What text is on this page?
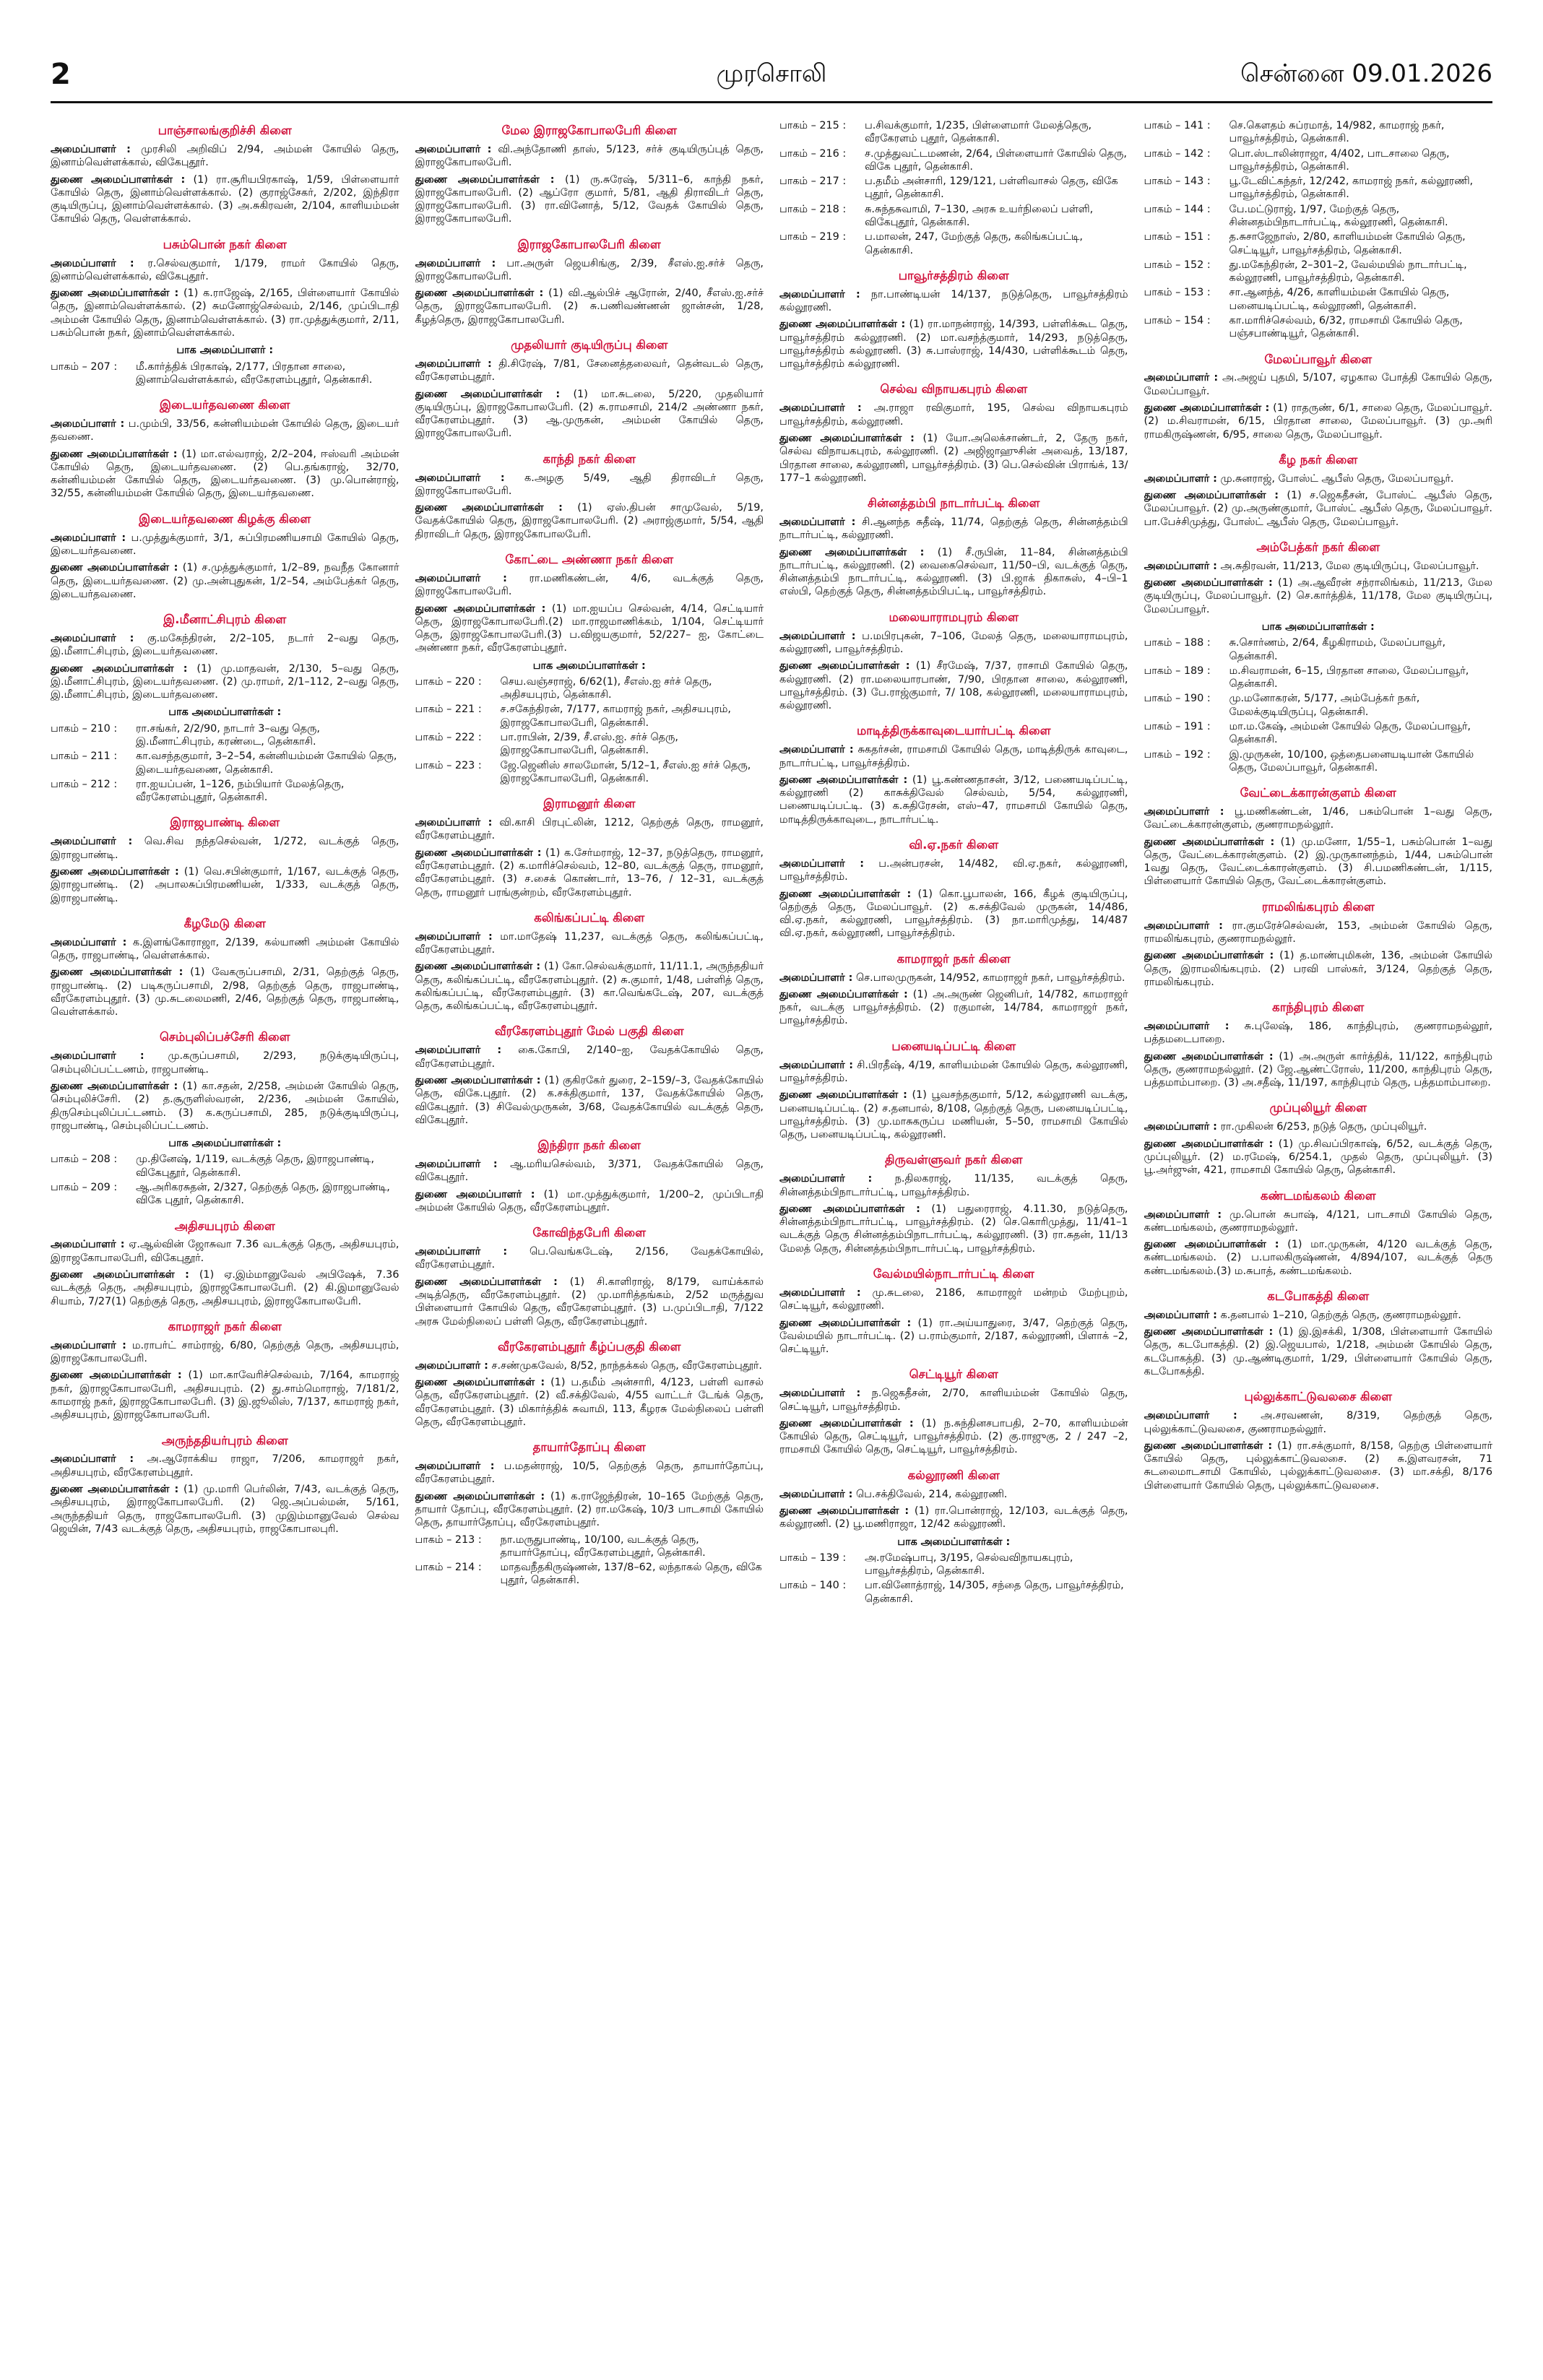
2	முரசொலி	சென்னை 09.01.2026
பாஞ்சாலங்குறிச்சி கிளை
அமைப்பாளர் : முரசிலி அறிவிப் 2/94, அம்மன் கோயில் தெரு, இனாம்வெள்ளக்கால், விகேபுதூர்.
துணை அமைப்பாளர்கள் : (1) ரா.சூரியபிரகாஷ், 1/59, பிள்ளையார் கோயில் தெரு, இனாம்வெள்ளக்கால். (2) குராஜ்சேகர், 2/202, இந்திரா குடியிருப்பு, இனாம்வெள்ளக்கால். (3) அ.சுகிரவன், 2/104, காளியம்மன் கோயில் தெரு, வெள்ளக்கால்.
பசும்பொன் நகர் கிளை
அமைப்பாளர் : ர.செல்வகுமார், 1/179, ராமர் கோயில் தெரு, இனாம்வெள்ளக்கால், விகேபுதூர்.
துணை அமைப்பாளர்கள் : (1) க.ராஜேஷ், 2/165, பிள்ளையார் கோயில் தெரு, இனாம்வெள்ளக்கால். (2) சுமனோஜ்செல்வம், 2/146, முப்பிடாதி அம்மன் கோயில் தெரு, இனாம்வெள்ளக்கால். (3) ரா.முத்துக்குமார், 2/11, பசும்பொன் நகர், இனாம்வெள்ளக்கால்.
பாக அமைப்பாளர் :
பாகம் – 207 :	மீ.கார்த்திக் பிரகாஷ், 2/177, பிரதான சாலை, இனாம்வெள்ளக்கால், வீரகேரளம்புதூர், தென்காசி.
இடையர்தவணை கிளை
அமைப்பாளர் : ப.மும்பி, 33/56, கன்னியம்மன் கோயில் தெரு, இடையர் தவணை.
துணை அமைப்பாளர்கள் : (1) மா.எல்வராஜ், 2/2–204, ஈஸ்வரி அம்மன் கோயில் தெரு, இடையர்தவணை. (2) பெ.தங்கராஜ், 32/70, கன்னியம்மன் கோயில் தெரு, இடையர்தவணை. (3) மு.பொன்ராஜ், 32/55, கன்னியம்மன் கோயில் தெரு, இடையர்தவணை.
இடையர்தவணை கிழக்கு கிளை
அமைப்பாளர் : ப.முத்துக்குமார், 3/1, சுப்பிரமணியசாமி கோயில் தெரு, இடையர்தவணை.
துணை அமைப்பாளர்கள் : (1) ச.முத்துக்குமார், 1/2–89, நவநீத கோனார் தெரு, இடையர்தவணை. (2) மு.அன்புதுகன், 1/2–54, அம்பேத்கர் தெரு, இடையர்தவணை.
இ.மீனாட்சிபுரம் கிளை
அமைப்பாளர் : கு.மகேந்திரன், 2/2–105, நடார் 2–வது தெரு, இ.மீனாட்சிபுரம், இடையர்தவணை.
துணை அமைப்பாளர்கள் : (1) மு.மாதவன், 2/130, 5–வது தெரு, இ.மீனாட்சிபுரம், இடையர்தவணை. (2) மு.ராமர், 2/1–112, 2–வது தெரு, இ.மீனாட்சிபுரம், இடையர்தவணை.
பாக அமைப்பாளர்கள் :
பாகம் – 210 :	ரா.சங்கர், 2/2/90, நாடார் 3–வது தெரு, இ.மீனாட்சிபுரம், கரண்டை, தென்காசி.
பாகம் – 211 :	கா.வசந்தகுமார், 3–2–54, கன்னியம்மன் கோயில் தெரு, இடையர்தவணை, தென்காசி.
பாகம் – 212 :	ரா.ஐயப்பன், 1–126, நம்பியார் மேலத்தெரு, வீரகேரளம்புதூர், தென்காசி.
இராஜபாண்டி கிளை
அமைப்பாளர் : வெ.சிவ நந்தசெல்வன், 1/272, வடக்குத் தெரு, இராஜபாண்டி.
துணை அமைப்பாளர்கள் : (1) வெ.சபின்குமார், 1/167, வடக்குத் தெரு, இராஜபாண்டி. (2) அபாலசுப்பிரமணியன், 1/333, வடக்குத் தெரு, இராஜபாண்டி.
கீழமேடு கிளை
அமைப்பாளர் : க.இளங்கோராஜா, 2/139, கல்யாணி அம்மன் கோயில் தெரு, ராஜபாண்டி, வெள்ளக்கால்.
துணை அமைப்பாளர்கள் : (1) வேகருப்பசாமி, 2/31, தெற்குத் தெரு, ராஜபாண்டி. (2) படிகருப்பசாமி, 2/98, தெற்குத் தெரு, ராஜபாண்டி, வீரகேரளம்புதூர். (3) மு.சுடலைமணி, 2/46, தெற்குத் தெரு, ராஜபாண்டி, வெள்ளக்கால்.
செம்புலிப்பச்சேரி கிளை
அமைப்பாளர் : மு.கருப்பசாமி, 2/293, நடுக்குடியிருப்பு, செம்புலிப்பட்டணம், ராஜபாண்டி.
துணை அமைப்பாளர்கள் : (1) கா.சதன், 2/258, அம்மன் கோயில் தெரு, செம்புலிச்சேரி. (2) த.சூருளிஸ்வரன், 2/236, அம்மன் கோயில், திருசெம்புலிப்பட்டணம். (3) க.கருப்பசாமி, 285, நடுக்குடியிருப்பு, ராஜபாண்டி, செம்புலிப்பட்டணம்.
பாக அமைப்பாளர்கள் :
பாகம் – 208 :	மு.தினேஷ், 1/119, வடக்குத் தெரு, இராஜபாண்டி, விகேபுதூர், தென்காசி.
பாகம் – 209 :	ஆ.அரிகரசுதன், 2/327, தெற்குத் தெரு, இராஜபாண்டி, விகே புதூர், தென்காசி.
அதிசயபுரம் கிளை
அமைப்பாளர் : ஏ.ஆல்வின் ஜோசுவா 7.36 வடக்குத் தெரு, அதிசயபுரம், இராஜகோபாலபேரி, விகேபுதூர்.
துணை அமைப்பாளர்கள் : (1) ஏ.இம்மானுவேல் அபிஷேக், 7.36 வடக்குத் தெரு, அதிசயபுரம், இராஜகோபாலபேரி. (2) கி.இமானுவேல் சியாம், 7/27(1) தெற்குத் தெரு, அதிசயபுரம், இராஜகோபாலபேரி.
காமராஜர் நகர் கிளை
அமைப்பாளர் : ம.ராபர்ட் சாம்ராஜ், 6/80, தெற்குத் தெரு, அதிசயபுரம், இராஜகோபாலபேரி.
துணை அமைப்பாளர்கள் : (1) மா.காவேரிச்செல்வம், 7/164, காமராஜ் நகர், இராஜகோபாலபேரி, அதிசயபுரம். (2) து.சாம்மொராஜ், 7/181/2, காமராஜ் நகர், இராஜகோபாலபேரி. (3) இ.ஜூலிஸ், 7/137, காமராஜ் நகர், அதிசயபுரம், இராஜகோபாலபேரி.
அருந்ததியர்புரம் கிளை
அமைப்பாளர் : அ.ஆரோக்கிய ராஜா, 7/206, காமராஜர் நகர், அதிசயபுரம், வீரகேரளம்புதூர்.
துணை அமைப்பாளர்கள் : (1) மு.மாரி பெர்லின், 7/43, வடக்குத் தெரு, அதிசயபுரம், இராஜகோபாலபேரி. (2) ஜெ.அப்பல்மன், 5/161, அருந்ததியர் தெரு, ராஜகோபாலபேரி. (3) முஇம்மானுவேல் செல்வ ஜெயின், 7/43 வடக்குத் தெரு, அதிசயபுரம், ராஜகோபாலபுரி.
மேல இராஜகோபாலபேரி கிளை
அமைப்பாளர் : வி.அந்தோணி தாஸ், 5/123, சர்ச் குடியிருப்புத் தெரு, இராஜகோபாலபேரி.
துணை அமைப்பாளர்கள் : (1) ரு.சுரேஷ், 5/311–6, காந்தி நகர், இராஜகோபாலபேரி. (2) ஆப்ரோ குமார், 5/81, ஆதி திராவிடர் தெரு, இராஜகோபாலபேரி. (3) ரா.வினோத், 5/12, வேதக் கோயில் தெரு, இராஜகோபாலபேரி.
இராஜகோபாலபேரி கிளை
அமைப்பாளர் : பா.அருள் ஜெயசிங்கு, 2/39, சீஎஸ்.ஐ.சர்ச் தெரு, இராஜகோபாலபேரி.
துணை அமைப்பாளர்கள் : (1) வி.ஆல்பிச் ஆரோன், 2/40, சீஎஸ்.ஐ.சர்ச் தெரு, இராஜகோபாலபேரி. (2) சு.பணிவண்ணன் ஜான்சன், 1/28, கீழத்தெரு, இராஜகோபாலபேரி.
முதலியார் குடியிருப்பு கிளை
அமைப்பாளர் : தி.சிரேஷ், 7/81, சேனைத்தலைவர், தென்வடல் தெரு, வீரகேரளம்புதூர்.
துணை அமைப்பாளர்கள் : (1) மா.சுடலை, 5/220, முதலியார் குடியிருப்பு, இராஜகோபாலபேரி. (2) சு.ராமசாமி, 214/2 அண்ணா நகர், வீரகேரளம்புதூர். (3) ஆ.முருகன், அம்மன் கோயில் தெரு, இராஜகோபாலபேரி.
காந்தி நகர் கிளை
அமைப்பாளர் : க.அழகு 5/49, ஆதி திராவிடர் தெரு, இராஜகோபாலபேரி.
துணை அமைப்பாளர்கள் : (1) ஏஸ்.திபன் சாமுவேல், 5/19, வேதக்கோயில் தெரு, இராஜகோபாலபேரி. (2) அராஜ்குமார், 5/54, ஆதி திராவிடர் தெரு, இராஜகோபாலபேரி.
கோட்டை அண்ணா நகர் கிளை
அமைப்பாளர் : ரா.மணிகண்டன், 4/6, வடக்குத் தெரு, இராஜகோபாலபேரி.
துணை அமைப்பாளர்கள் : (1) மா.ஐயப்ப செல்வன், 4/14, செட்டியார் தெரு, இராஜகோபாலபேரி.(2) மா.ராஜமாணிக்கம், 1/104, செட்டியார் தெரு, இராஜகோபாலபேரி.(3) ப.விஜயகுமார், 52/227– ஐ, கோட்டை அண்ணா நகர், வீரகேரளம்புதூர்.
பாக அமைப்பாளர்கள் :
பாகம் – 220 :	செய.வஞ்சராஜ், 6/62(1), சீஎஸ்.ஐ சர்ச் தெரு, அதிசயபுரம், தென்காசி.
பாகம் – 221 :	ச.சகேந்திரன், 7/177, காமராஜ் நகர், அதிசயபுரம், இராஜகோபாலபேரி, தென்காசி.
பாகம் – 222 :	பா.ராபின், 2/39, சீ.எஸ்.ஐ. சர்ச் தெரு, இராஜகோபாலபேரி, தென்காசி.
பாகம் – 223 :	ஜே.ஜெனிஸ் சாலமோன், 5/12–1, சீஎஸ்.ஐ சர்ச் தெரு, இராஜகோபாலபேரி, தென்காசி.
இராமனூர் கிளை
அமைப்பாளர் : வி.காசி பிரபுட்லின், 1212, தெற்குத் தெரு, ராமனூர், வீரகேரளம்புதூர்.
துணை அமைப்பாளர்கள் : (1) க.சேர்மராஜ், 12–37, நடுத்தெரு, ராமனூர், வீரகேரளம்புதூர். (2) க.மாரிச்செல்வம், 12–80, வடக்குத் தெரு, ராமனூர், வீரகேரளம்புதூர். (3) ச.சைக் கொண்டார், 13–76, / 12–31, வடக்குத் தெரு, ராமனூர் பரங்குன்றம், வீரகேரளம்புதூர்.
கலிங்கப்பட்டி கிளை
அமைப்பாளர் : மா.மாதேஷ் 11,237, வடக்குத் தெரு, கலிங்கப்பட்டி, வீரகேரளம்புதூர்.
துணை அமைப்பாளர்கள் : (1) கோ.செல்வக்குமார், 11/11.1, அருந்ததியர் தெரு, கலிங்கப்பட்டி, வீரகேரளம்புதூர். (2) சு.குமார், 1/48, பள்ளித் தெரு, கலிங்கப்பட்டி, வீரகேரளம்புதூர். (3) கா.வெங்கடேஷ், 207, வடக்குத் தெரு, கலிங்கப்பட்டி, வீரகேரளம்புதூர்.
வீரகேரளம்புதூர் மேல் பகுதி கிளை
அமைப்பாளர் : கை.கோபி, 2/140–ஐ, வேதக்கோயில் தெரு, வீரகேரளம்புதூர்.
துணை அமைப்பாளர்கள் : (1) குகிரகேர் துரை, 2–159/–3, வேதக்கோயில் தெரு, விகே.புதூர். (2) க.சக்திகுமார், 137, வேதக்கோயில் தெரு, விகேபுதூர். (3) சிவேல்முருகன், 3/68, வேதக்கோயில் வடக்குத் தெரு, விகேபுதூர்.
இந்திரா நகர் கிளை
அமைப்பாளர் : ஆ.மரியசெல்வம், 3/371, வேதக்கோயில் தெரு, விகேபுதூர்.
துணை அமைப்பாளர் : (1) மா.முத்துக்குமார், 1/200–2, முப்பிடாதி அம்மன் கோயில் தெரு, வீரகேரளம்புதூர்.
கோவிந்தபேரி கிளை
அமைப்பாளர் : பெ.வெங்கடேஷ், 2/156, வேதக்கோயில், வீரகேரளம்புதூர்.
துணை அமைப்பாளர்கள் : (1) சி.காளிராஜ், 8/179, வாய்க்கால் அடித்தெரு, வீரகேரளம்புதூர். (2) மு.மாரித்தங்கம், 2/52 மருத்துவ பிள்ளையார் கோயில் தெரு, வீரகேரளம்புதூர். (3) ப.முப்பிடாதி, 7/122 அரசு மேல்நிலைப் பள்ளி தெரு, வீரகேரளம்புதூர்.
வீரகேரளம்புதூர் கீழ்ப்பகுதி கிளை
அமைப்பாளர் : ச.சண்முகவேல், 8/52, நாந்தக்கல் தெரு, வீரகேரளம்புதூர்.
துணை அமைப்பாளர்கள் : (1) ப.தமீம் அன்சாரி, 4/123, பள்ளி வாசல் தெரு, வீரகேரளம்புதூர். (2) வீ.சக்திவேல், 4/55 வாட்டர் டேங்க் தெரு, வீரகேரளம்புதூர். (3) மிகார்த்திக் சுவாமி, 113, கீழரசு மேல்நிலைப் பள்ளி தெரு, வீரகேரளம்புதூர்.
தாயார்தோப்பு கிளை
அமைப்பாளர் : ப.மதன்ராஜ், 10/5, தெற்குத் தெரு, தாயார்தோப்பு, வீரகேரளம்புதூர்.
துணை அமைப்பாளர்கள் : (1) க.ராஜேந்திரன், 10–165 மேற்குத் தெரு, தாயார் தோப்பு, வீரகேரளம்புதூர். (2) ரா.மகேஷ், 10/3 பாடசாமி கோயில் தெரு, தாயார்தோப்பு, வீரகேரளம்புதூர்.
பாகம் – 213 :	நா.மருதுபாண்டி, 10/100, வடக்குத் தெரு, தாயார்தோப்பு, வீரகேரளம்புதூர், தென்காசி.
பாகம் – 214 :	மாதவநீதகிருஷ்ணன், 137/8–62, லந்தாகல் தெரு, விகே புதூர், தென்காசி.
பாகம் – 215 :	ப.சிவக்குமார், 1/235, பிள்ளைமார் மேலத்தெரு, வீரகேரளம் புதூர், தென்காசி.
பாகம் – 216 :	ச.முத்துவட்டமணன், 2/64, பிள்ளையார் கோயில் தெரு, விகே புதூர், தென்காசி.
பாகம் – 217 :	ப.தமீம் அன்சாரி, 129/121, பள்ளிவாசல் தெரு, விகே புதூர், தென்காசி.
பாகம் – 218 :	சு.சுந்தசுவாமி, 7–130, அரசு உயர்நிலைப் பள்ளி, விகேபுதூர், தென்காசி.
பாகம் – 219 :	ப.மாலன், 247, மேற்குத் தெரு, கலிங்கப்பட்டி, தென்காசி.
பாவூர்சத்திரம் கிளை
அமைப்பாளர் : நா.பாண்டியன் 14/137, நடுத்தெரு, பாவூர்சத்திரம் கல்லூரணி.
துணை அமைப்பாளர்கள் : (1) ரா.மாநன்ராஜ், 14/393, பள்ளிக்கூட தெரு, பாவூர்சத்திரம் கல்லூரணி. (2) மா.வசந்த்குமார், 14/293, நடுத்தெரு, பாவூர்சத்திரம் கல்லூரணி. (3) சு.பாஸ்ராஜ், 14/430, பள்ளிக்கூடம் தெரு, பாவூர்சத்திரம் கல்லூரணி.
செல்வ விநாயகபுரம் கிளை
அமைப்பாளர் : அ.ராஜா ரவிகுமார், 195, செல்வ விநாயகபுரம் பாவூர்சத்திரம், கல்லூரணி.
துணை அமைப்பாளர்கள் : (1) யோ.அலெக்சாண்டர், 2, தேரு நகர், செல்வ விநாயகபுரம், கல்லூரணி. (2) அஜிஜாஹுசின் அவைத், 13/187, பிரதான சாலை, கல்லூரணி, பாவூர்சத்திரம். (3) பெ.செல்வின் பிராங்க், 13/ 177–1 கல்லூரணி.
சின்னத்தம்பி நாடார்பட்டி கிளை
அமைப்பாளர் : சி.ஆனந்த சுதீஷ், 11/74, தெற்குத் தெரு, சின்னத்தம்பி நாடார்பட்டி, கல்லூரணி.
துணை அமைப்பாளர்கள் : (1) சீ.ருபின், 11–84, சின்னத்தம்பி நாடார்பட்டி, கல்லூரணி. (2) வைகைசெல்வா, 11/50–பி, வடக்குத் தெரு, சின்னத்தம்பி நாடார்பட்டி, கல்லூரணி. (3) பி.ஜாக் திகாசுஸ், 4–பி–1 எஸ்பி, தெற்குத் தெரு, சின்னத்தம்பிபட்டி, பாவூர்சத்திரம்.
மலையாராமபுரம் கிளை
அமைப்பாளர் : ப.மபிரபுகன், 7–106, மேலத் தெரு, மலையாராமபுரம், கல்லூரணி, பாவூர்சத்திரம்.
துணை அமைப்பாளர்கள் : (1) சீரமேஷ், 7/37, ராசாமி கோயில் தெரு, கல்லூரணி. (2) ரா.மலையாரபாண், 7/90, பிரதான சாலை, கல்லூரணி, பாவூர்சத்திரம். (3) பே.ராஜ்குமார், 7/ 108, கல்லூரணி, மலையாராமபுரம், கல்லூரணி.
மாடித்திருக்காவுடையார்பட்டி கிளை
அமைப்பாளர் : சுகதர்சன், ராமசாமி கோயில் தெரு, மாடித்திருக் காவுடை, நாடார்பட்டி, பாவூர்சத்திரம்.
துணை அமைப்பாளர்கள் : (1) பூ.கண்ணதாசன், 3/12, பணையடிப்பட்டி, கல்லூரணி (2) காசுக்திவேல் செல்வம், 5/54, கல்லூரணி, பணையடிப்பட்டி. (3) க.சுதிரேசன், எஸ்–47, ராமசாமி கோயில் தெரு, மாடித்திருக்காவுடை, நாடார்பட்டி.
வி.ஏ.நகர் கிளை
அமைப்பாளர் : ப.அன்பரசன், 14/482, வி.ஏ.நகர், கல்லூரணி, பாவூர்சத்திரம்.
துணை அமைப்பாளர்கள் : (1) கொ.பூபாலன், 166, கீழக் குடியிருப்பு, தெற்குத் தெரு, மேலப்பாவூர். (2) க.சக்திவேல் முருகன், 14/486, வி.ஏ.நகர், கல்லூரணி, பாவூர்சத்திரம். (3) நா.மாரிமுத்து, 14/487 வி.ஏ.நகர், கல்லூரணி, பாவூர்சத்திரம்.
காமராஜர் நகர் கிளை
அமைப்பாளர் : செ.பாலமுருகன், 14/952, காமராஜர் நகர், பாவூர்சத்திரம்.
துணை அமைப்பாளர்கள் : (1) அ.அருண் ஜெனிபர், 14/782, காமராஜர் நகர், வடக்கு பாவூர்சத்திரம். (2) ரகுமான், 14/784, காமராஜர் நகர், பாவூர்சத்திரம்.
பனையடிப்பட்டி கிளை
அமைப்பாளர் : சி.பிரதீஷ், 4/19, காளியம்மன் கோயில் தெரு, கல்லூரணி, பாவூர்சத்திரம்.
துணை அமைப்பாளர்கள் : (1) பூவசந்தகுமார், 5/12, கல்லூரணி வடக்கு, பனையடிப்பட்டி. (2) ச.தனபால், 8/108, தெற்குத் தெரு, பனையடிப்பட்டி, பாவூர்சத்திரம். (3) மு.மாசுகருப்ப மணியன், 5–50, ராமசாமி கோயில் தெரு, பனையடிப்பட்டி, கல்லூரணி.
திருவள்ளுவர் நகர் கிளை
அமைப்பாளர் : ந.திலகராஜ், 11/135, வடக்குத் தெரு, சின்னத்தம்பிநாடார்பட்டி, பாவூர்சத்திரம்.
துணை அமைப்பாளர்கள் : (1) பதுரைராஜ், 4.11.30, நடுத்தெரு, சின்னத்தம்பிநாடார்பட்டி, பாவூர்சத்திரம். (2) செ.கொரிமுத்து, 11/41–1 வடக்குத் தெரு சின்னத்தம்பிநாடார்பட்டி, கல்லூரணி. (3) ரா.சுதன், 11/13 மேலத் தெரு, சின்னத்தம்பிநாடார்பட்டி, பாவூர்சத்திரம்.
வேல்மயில்நாடார்பட்டி கிளை
அமைப்பாளர் : மு.சுடலை, 2186, காமராஜர் மன்றம் மேற்புறம், செட்டியூர், கல்லூரணி.
துணை அமைப்பாளர்கள் : (1) ரா.அய்யாதுரை, 3/47, தெற்குத் தெரு, வேல்மயில் நாடார்பட்டி. (2) ப.ராம்குமார், 2/187, கல்லூரணி, பிளாக் –2, செட்டியூர்.
செட்டியூர் கிளை
அமைப்பாளர் : ந.ஜெகதீசன், 2/70, காளியம்மன் கோயில் தெரு, செட்டியூர், பாவூர்சத்திரம்.
துணை அமைப்பாளர்கள் : (1) ந.சுந்தினசபாபதி, 2–70, காளியம்மன் கோயில் தெரு, செட்டியூர், பாவூர்சத்திரம். (2) கு.ராஜுகு, 2 / 247 –2, ராமசாமி கோயில் தெரு, செட்டியூர், பாவூர்சத்திரம்.
கல்லூரணி கிளை
அமைப்பாளர் : பெ.சக்திவேல், 214, கல்லூரணி.
துணை அமைப்பாளர்கள் : (1) ரா.பொன்ராஜ், 12/103, வடக்குத் தெரு, கல்லூரணி. (2) பூ.மணிராஜா, 12/42 கல்லூரணி.
பாக அமைப்பாளர்கள் :
பாகம் – 139 :	அ.ரமேஷ்பாபு, 3/195, செல்வவிநாயகபுரம், பாவூர்சத்திரம், தென்காசி.
பாகம் – 140 :	பா.வினோத்ராஜ், 14/305, சந்தை தெரு, பாவூர்சத்திரம், தென்காசி.
பாகம் – 141 :	செ.கௌதம் சுப்ரமாத், 14/982, காமராஜ் நகர், பாவூர்சத்திரம், தென்காசி.
பாகம் – 142 :	பொ.ஸ்டாலின்ராஜா, 4/402, பாடசாலை தெரு, பாவூர்சத்திரம், தென்காசி.
பாகம் – 143 :	பூ.டேவிட்கந்தர், 12/242, காமராஜ் நகர், கல்லூரணி, பாவூர்சத்திரம், தென்காசி.
பாகம் – 144 :	பே.மட்டுராஜ், 1/97, மேற்குத் தெரு, சின்னதம்பிநாடார்பட்டி, கல்லூரணி, தென்காசி.
பாகம் – 151 :	த.சுசாஜேநாஸ், 2/80, காளியம்மன் கோயில் தெரு, செட்டியூர், பாவூர்சத்திரம், தென்காசி.
பாகம் – 152 :	து.மகேந்திரன், 2–301–2, வேல்மயில் நாடார்பட்டி, கல்லூரணி, பாவூர்சத்திரம், தென்காசி.
பாகம் – 153 :	சா.ஆனந்த், 4/26, காளியம்மன் கோயில் தெரு, பனையடிப்பட்டி, கல்லூரணி, தென்காசி.
பாகம் – 154 :	கா.மாரிச்செல்வம், 6/32, ராமசாமி கோயில் தெரு, பஞ்சபாண்டியூர், தென்காசி.
மேலப்பாவூர் கிளை
அமைப்பாளர் : அ.அஜய் புதமி, 5/107, ஏழகால போத்தி கோயில் தெரு, மேலப்பாவூர்.
துணை அமைப்பாளர்கள் : (1) ராதருண், 6/1, சாலை தெரு, மேலப்பாவூர். (2) ம.சிவராமன், 6/15, பிரதான சாலை, மேலப்பாவூர். (3) மு.அரி ராமகிருஷ்ணன், 6/95, சாலை தெரு, மேலப்பாவூர்.
கீழ நகர் கிளை
அமைப்பாளர் : மு.சுனராஜ், போஸ்ட் ஆபீஸ் தெரு, மேலப்பாவூர்.
துணை அமைப்பாளர்கள் : (1) ச.ஜெகதீசன், போஸ்ட் ஆபீஸ் தெரு, மேலப்பாவூர். (2) மு.அருண்குமார், போஸ்ட் ஆபீஸ் தெரு, மேலப்பாவூர். பா.பேச்சிமுத்து, போஸ்ட் ஆபீஸ் தெரு, மேலப்பாவூர்.
அம்பேத்கர் நகர் கிளை
அமைப்பாளர் : அ.சுதிரவன், 11/213, மேல குடியிருப்பு, மேலப்பாவூர்.
துணை அமைப்பாளர்கள் : (1) அ.ஆவீரன் சந்ராலிங்கம், 11/213, மேல குடியிருப்பு, மேலப்பாவூர். (2) செ.கார்த்திக், 11/178, மேல குடியிருப்பு, மேலப்பாவூர்.
பாக அமைப்பாளர்கள் :
பாகம் – 188 :	சு.சொர்ணம், 2/64, கீழகிராமம், மேலப்பாவூர், தென்காசி.
பாகம் – 189 :	ம.சிவராமன், 6–15, பிரதான சாலை, மேலப்பாவூர், தென்காசி.
பாகம் – 190 :	மு.மனோகரன், 5/177, அம்பேத்கர் நகர், மேலக்குடியிருப்பு, தென்காசி.
பாகம் – 191 :	மா.ம.கேஷ், அம்மன் கோயில் தெரு, மேலப்பாவூர், தென்காசி.
பாகம் – 192 :	இ.முருகன், 10/100, ஒத்தைபனையடியான் கோயில் தெரு, மேலப்பாவூர், தென்காசி.
வேட்டைக்காரன்குளம் கிளை
அமைப்பாளர் : பூ.மணிகண்டன், 1/46, பசும்பொன் 1–வது தெரு, வேட்டைக்காரன்குளம், குணராமநல்லூர்.
துணை அமைப்பாளர்கள் : (1) மு.மனோ, 1/55–1, பசும்பொன் 1–வது தெரு, வேட்டைக்காரன்குளம். (2) இ.முருகானந்தம், 1/44, பசும்பொன் 1வது தெரு, வேட்டைக்காரன்குளம். (3) சி.பமணிகண்டன், 1/115, பிள்ளையார் கோயில் தெரு, வேட்டைக்காரன்குளம்.
ராமலிங்கபுரம் கிளை
அமைப்பாளர் : ரா.குமரேச்செல்வன், 153, அம்மன் கோயில் தெரு, ராமலிங்கபுரம், குணராமநல்லூர்.
துணை அமைப்பாளர்கள் : (1) த.மாண்புமிகன், 136, அம்மன் கோயில் தெரு, இராமலிங்கபுரம். (2) பரவி பாஸ்கர், 3/124, தெற்குத் தெரு, ராமலிங்கபுரம்.
காந்திபுரம் கிளை
அமைப்பாளர் : சு.புலேஷ், 186, காந்திபுரம், குணராமநல்லூர், பத்தமடைபாறை.
துணை அமைப்பாளர்கள் : (1) அ.அருள் கார்த்திக், 11/122, காந்திபுரம் தெரு, குணராமநல்லூர். (2) ஜே.ஆண்ட்ரோஸ், 11/200, காந்திபுரம் தெரு, பத்தமாம்பாறை. (3) அ.சதீஷ், 11/197, காந்திபுரம் தெரு, பத்தமாம்பாறை.
முப்புலியூர் கிளை
அமைப்பாளர் : ரா.முகிலன் 6/253, நடுத் தெரு, முப்புலியூர்.
துணை அமைப்பாளர்கள் : (1) மு.சிவப்பிரகாஷ், 6/52, வடக்குத் தெரு, முப்புலியூர். (2) ம.ரமேஷ், 6/254.1, முதல் தெரு, முப்புலியூர். (3) பூ.அர்ஜுன், 421, ராமசாமி கோயில் தெரு, தென்காசி.
கண்டமங்கலம் கிளை
அமைப்பாளர் : மு.பொன் சுபாஷ், 4/121, பாடசாமி கோயில் தெரு, கண்டமங்கலம், குணராமநல்லூர்.
துணை அமைப்பாளர்கள் : (1) மா.முருகன், 4/120 வடக்குத் தெரு, கண்டமங்கலம். (2) ப.பாலகிருஷ்ணன், 4/894/107, வடக்குத் தெரு கண்டமங்கலம்.(3) ம.சுபாத், கண்டமங்கலம்.
கடபோகத்தி கிளை
அமைப்பாளர் : க.தனபால் 1–210, தெற்குத் தெரு, குணராமநல்லூர்.
துணை அமைப்பாளர்கள் : (1) இ.இசக்கி, 1/308, பிள்ளையார் கோயில் தெரு, கடபோகத்தி. (2) இ.ஜெயபால், 1/218, அம்மன் கோயில் தெரு, கடபோகத்தி. (3) மு.ஆண்டிகுமார், 1/29, பிள்ளையார் கோயில் தெரு, கடபோகத்தி.
புல்லுக்காட்டுவலசை கிளை
அமைப்பாளர் : அ.சரவணன், 8/319, தெற்குத் தெரு, புல்லுக்காட்டுவலசை, குணராமநல்லூர்.
துணை அமைப்பாளர்கள் : (1) ரா.சக்குமார், 8/158, தெற்கு பிள்ளையார் கோயில் தெரு, புல்லுக்காட்டுவலசை. (2) சு.இளவரசன், 71 சுடலைமாடசாமி கோயில், புல்லுக்காட்டுவலசை. (3) மா.சக்தி, 8/176 பிள்ளையார் கோயில் தெரு, புல்லுக்காட்டுவலசை.
